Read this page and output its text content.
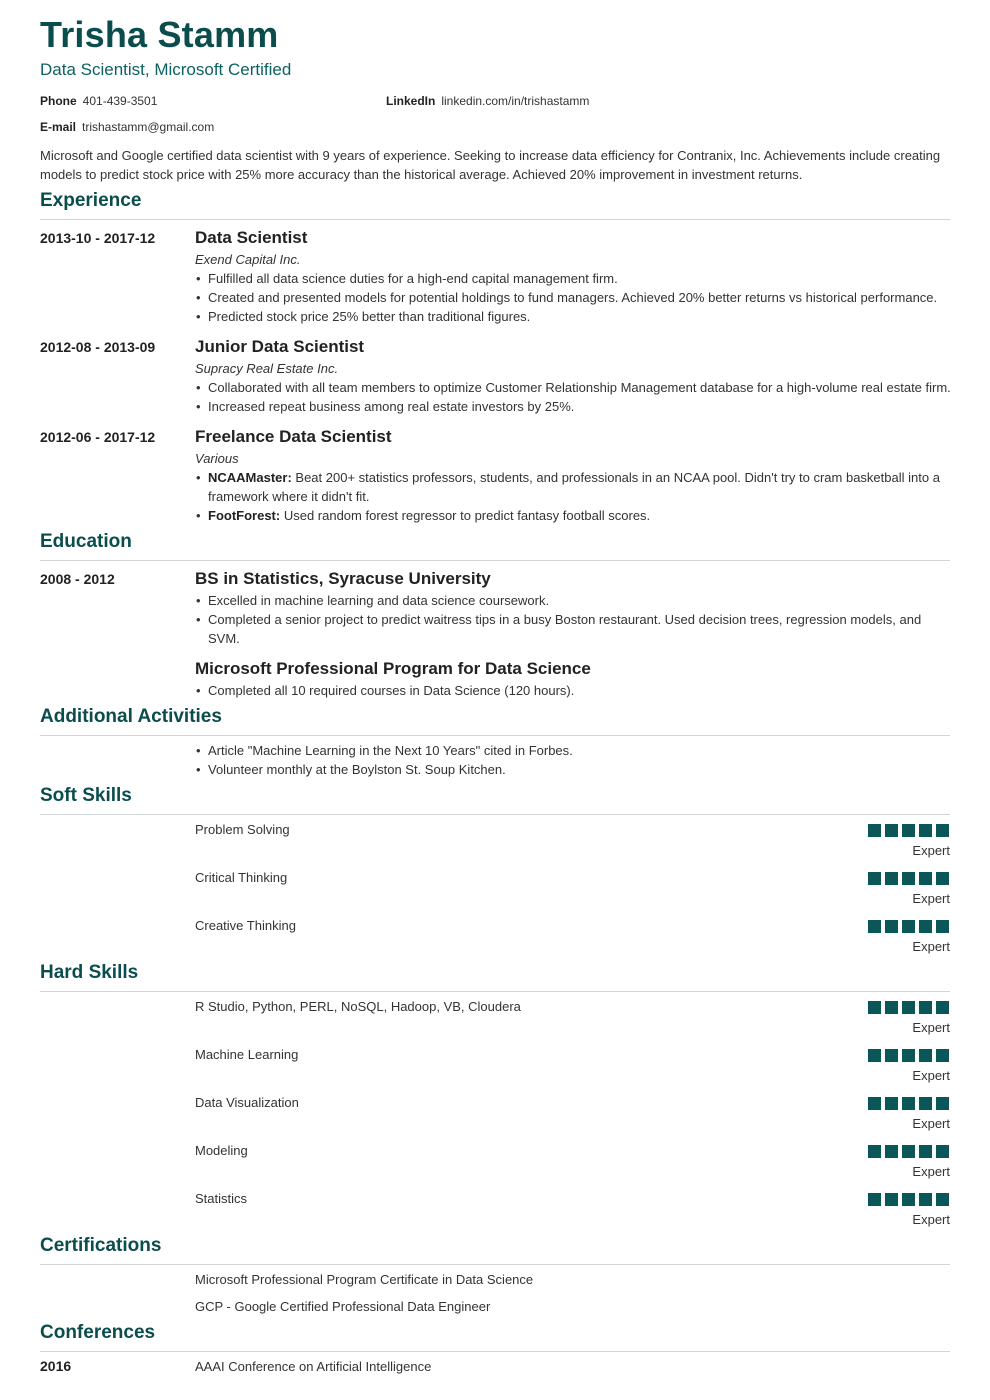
Trisha Stamm
Data Scientist, Microsoft Certified
Phone 401-439-3501	LinkedIn linkedin.com/in/trishastamm
E-mail trishastamm@gmail.com
Microsoft and Google certified data scientist with 9 years of experience. Seeking to increase data efficiency for Contranix, Inc. Achievements include creating models to predict stock price with 25% more accuracy than the historical average. Achieved 20% improvement in investment returns.
Experience
2013-10 - 2017-12 Data Scientist
Exend Capital Inc.
• Fulfilled all data science duties for a high-end capital management firm.
• Created and presented models for potential holdings to fund managers. Achieved 20% better returns vs historical performance.
• Predicted stock price 25% better than traditional figures.
2012-08 - 2013-09 Junior Data Scientist
Supracy Real Estate Inc.
• Collaborated with all team members to optimize Customer Relationship Management database for a high-volume real estate firm.
• Increased repeat business among real estate investors by 25%.
2012-06 - 2017-12 Freelance Data Scientist
Various
• NCAAMaster: Beat 200+ statistics professors, students, and professionals in an NCAA pool. Didn't try to cram basketball into a framework where it didn't fit.
• FootForest: Used random forest regressor to predict fantasy football scores.
Education
2008 - 2012	BS in Statistics, Syracuse University
• Excelled in machine learning and data science coursework.
• Completed a senior project to predict waitress tips in a busy Boston restaurant. Used decision trees, regression models, and SVM.
Microsoft Professional Program for Data Science
• Completed all 10 required courses in Data Science (120 hours).
Additional Activities
• Article "Machine Learning in the Next 10 Years" cited in Forbes.
• Volunteer monthly at the Boylston St. Soup Kitchen.
Soft Skills
Problem Solving
Expert
Critical Thinking
Expert
Creative Thinking
Expert
Hard Skills
R Studio, Python, PERL, NoSQL, Hadoop, VB, Cloudera
Expert
Machine Learning
Expert
Data Visualization
Expert
Modeling
Expert
Statistics
Expert
Certifications
Microsoft Professional Program Certificate in Data Science
GCP - Google Certified Professional Data Engineer
Conferences
2016	AAAI Conference on Artificial Intelligence
